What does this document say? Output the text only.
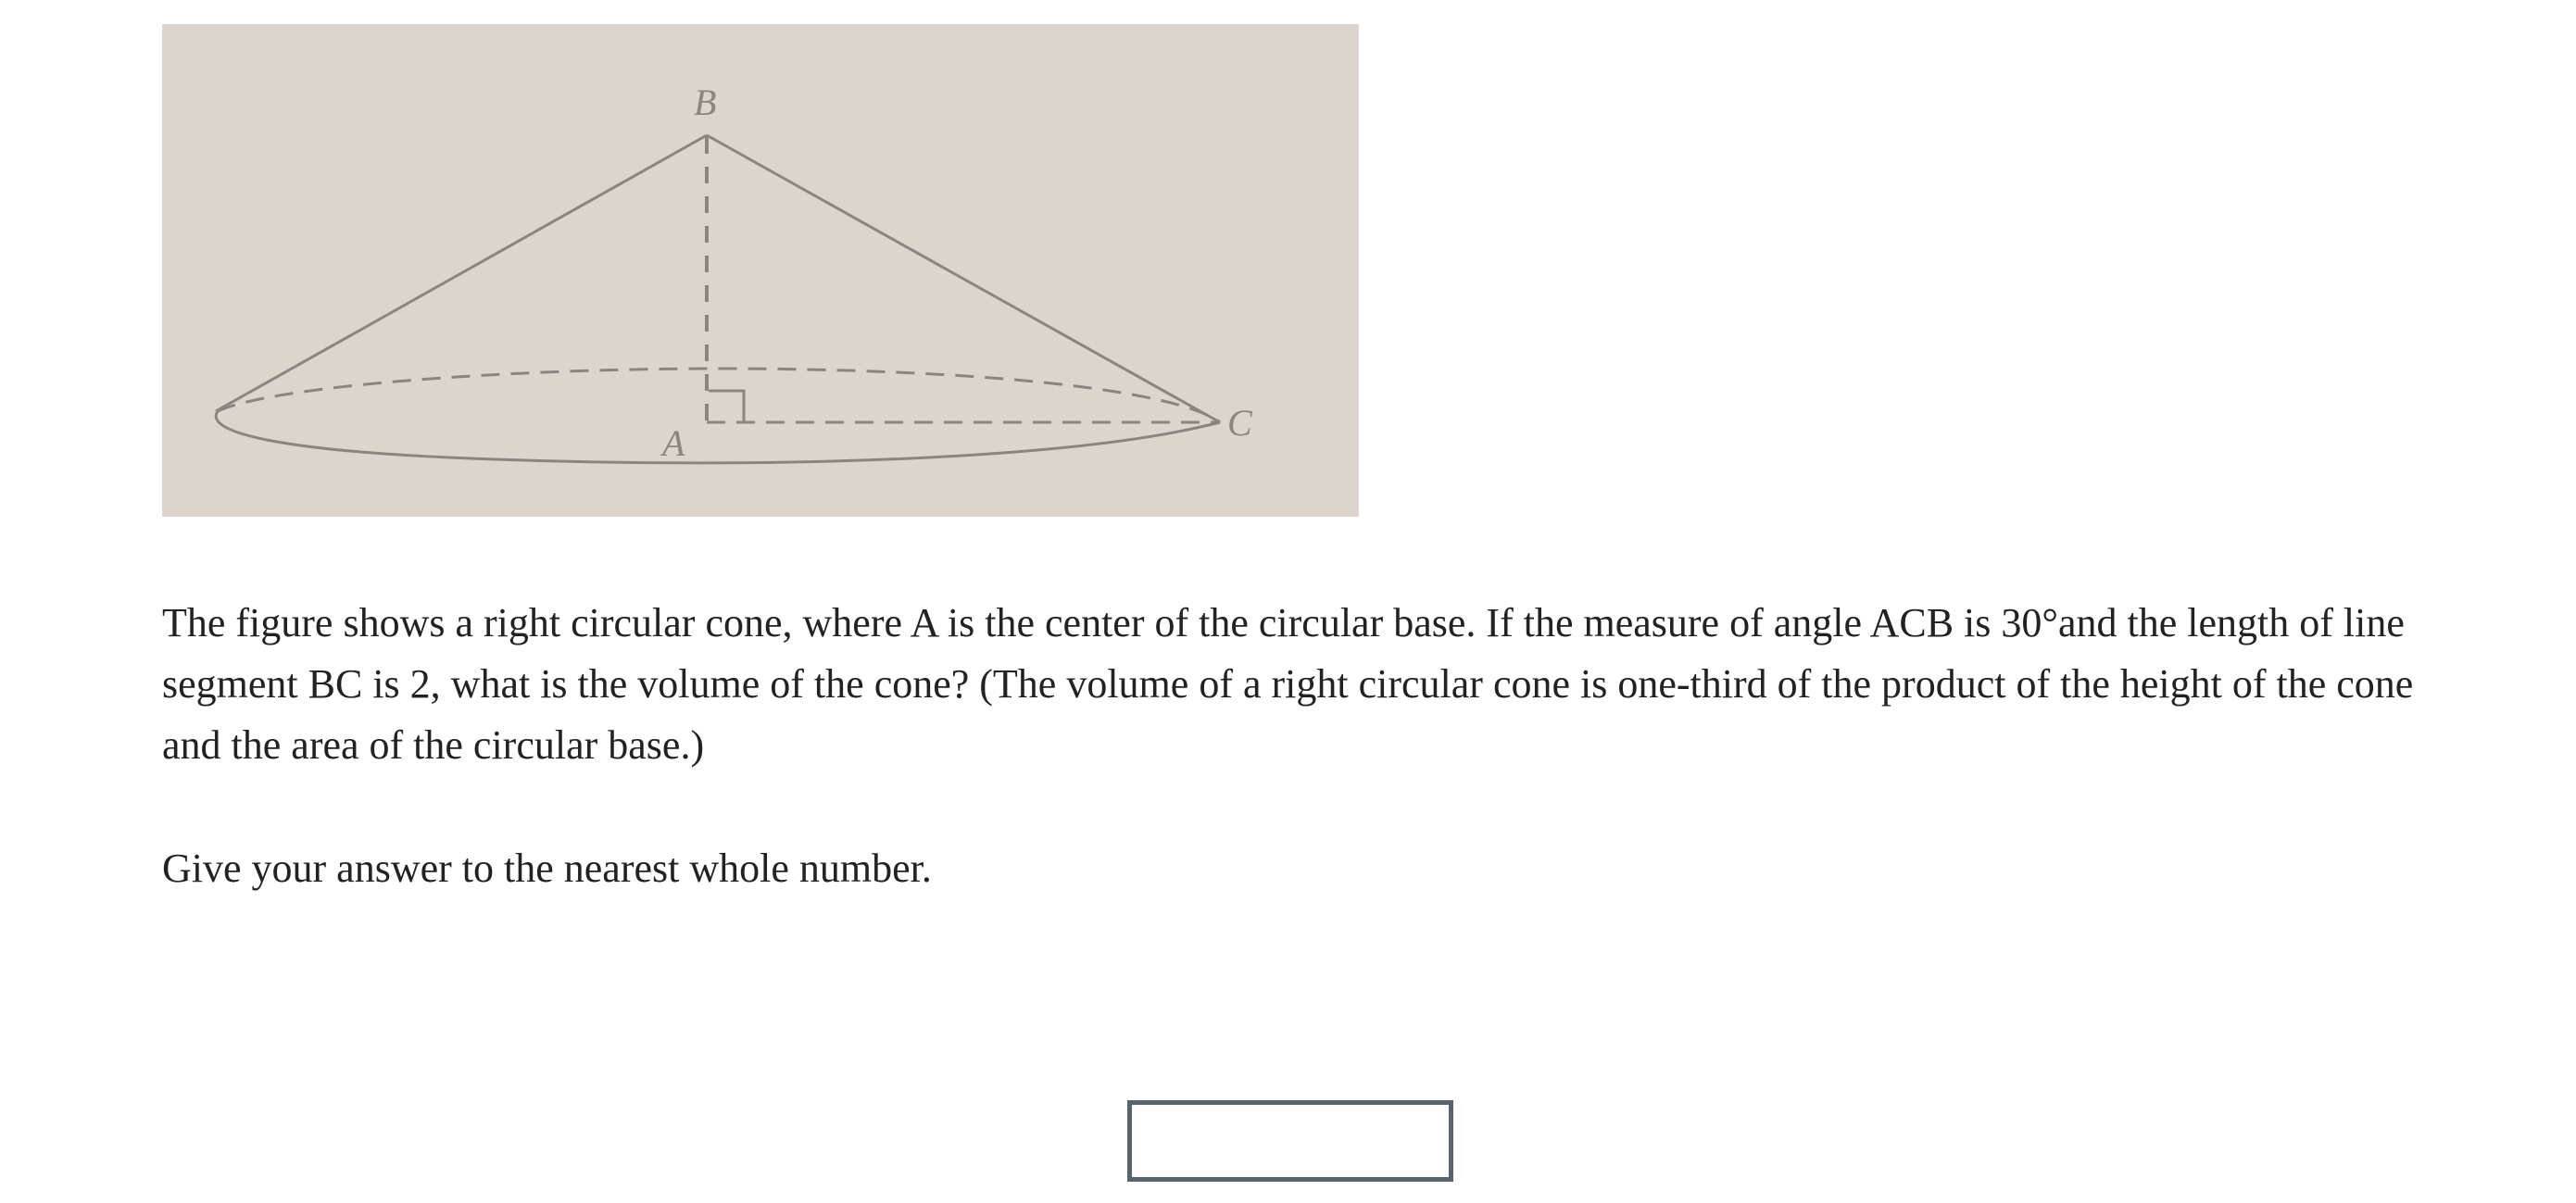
B
A	C

The figure shows a right circular cone, where A is the center of the circular base. If the measure of angle ACB is 30°and the length of line segment BC is 2, what is the volume of the cone? (The volume of a right circular cone is one-third of the product of the height of the cone and the area of the circular base.)

Give your answer to the nearest whole number.
